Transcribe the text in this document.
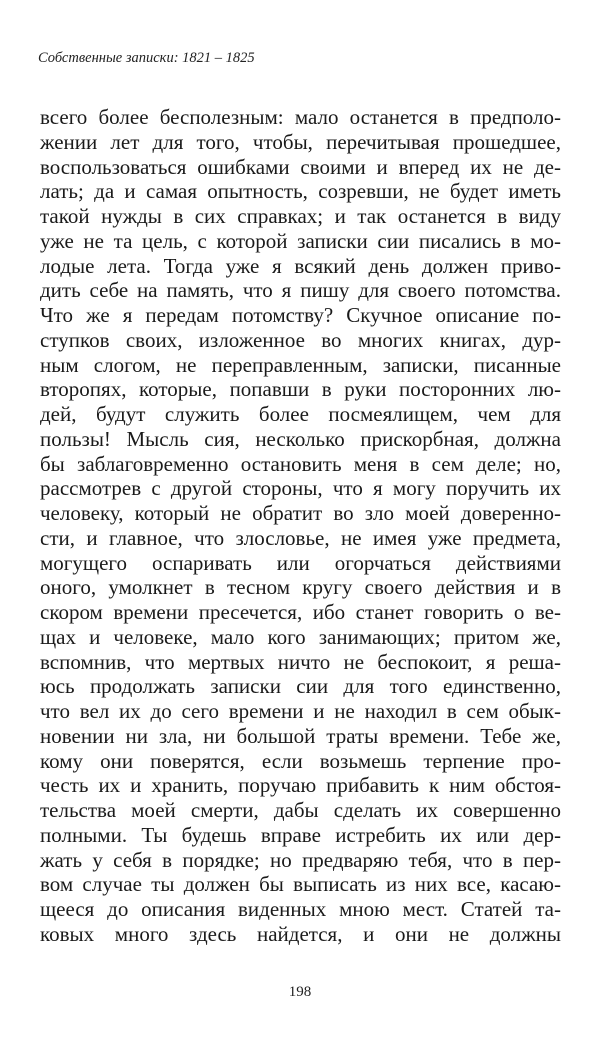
Собственные записки: 1821 – 1825
всего более бесполезным: мало останется в предполо-
жении лет для того, чтобы, перечитывая прошедшее,
воспользоваться ошибками своими и вперед их не де-
лать; да и самая опытность, созревши, не будет иметь
такой нужды в сих справках; и так останется в виду
уже не та цель, с которой записки сии писались в мо-
лодые лета. Тогда уже я всякий день должен приво-
дить себе на память, что я пишу для своего потомства.
Что же я передам потомству? Скучное описание по-
ступков своих, изложенное во многих книгах, дур-
ным слогом, не переправленным, записки, писанные
второпях, которые, попавши в руки посторонних лю-
дей, будут служить более посмеялищем, чем для
пользы! Мысль сия, несколько прискорбная, должна
бы заблаговременно остановить меня в сем деле; но,
рассмотрев с другой стороны, что я могу поручить их
человеку, который не обратит во зло моей доверенно-
сти, и главное, что злословье, не имея уже предмета,
могущего оспаривать или огорчаться действиями
оного, умолкнет в тесном кругу своего действия и в
скором времени пресечется, ибо станет говорить о ве-
щах и человеке, мало кого занимающих; притом же,
вспомнив, что мертвых ничто не беспокоит, я реша-
юсь продолжать записки сии для того единственно,
что вел их до сего времени и не находил в сем обык-
новении ни зла, ни большой траты времени. Тебе же,
кому они поверятся, если возьмешь терпение про-
честь их и хранить, поручаю прибавить к ним обстоя-
тельства моей смерти, дабы сделать их совершенно
полными. Ты будешь вправе истребить их или дер-
жать у себя в порядке; но предваряю тебя, что в пер-
вом случае ты должен бы выписать из них все, касаю-
щееся до описания виденных мною мест. Статей та-
ковых много здесь найдется, и они не должны
198
